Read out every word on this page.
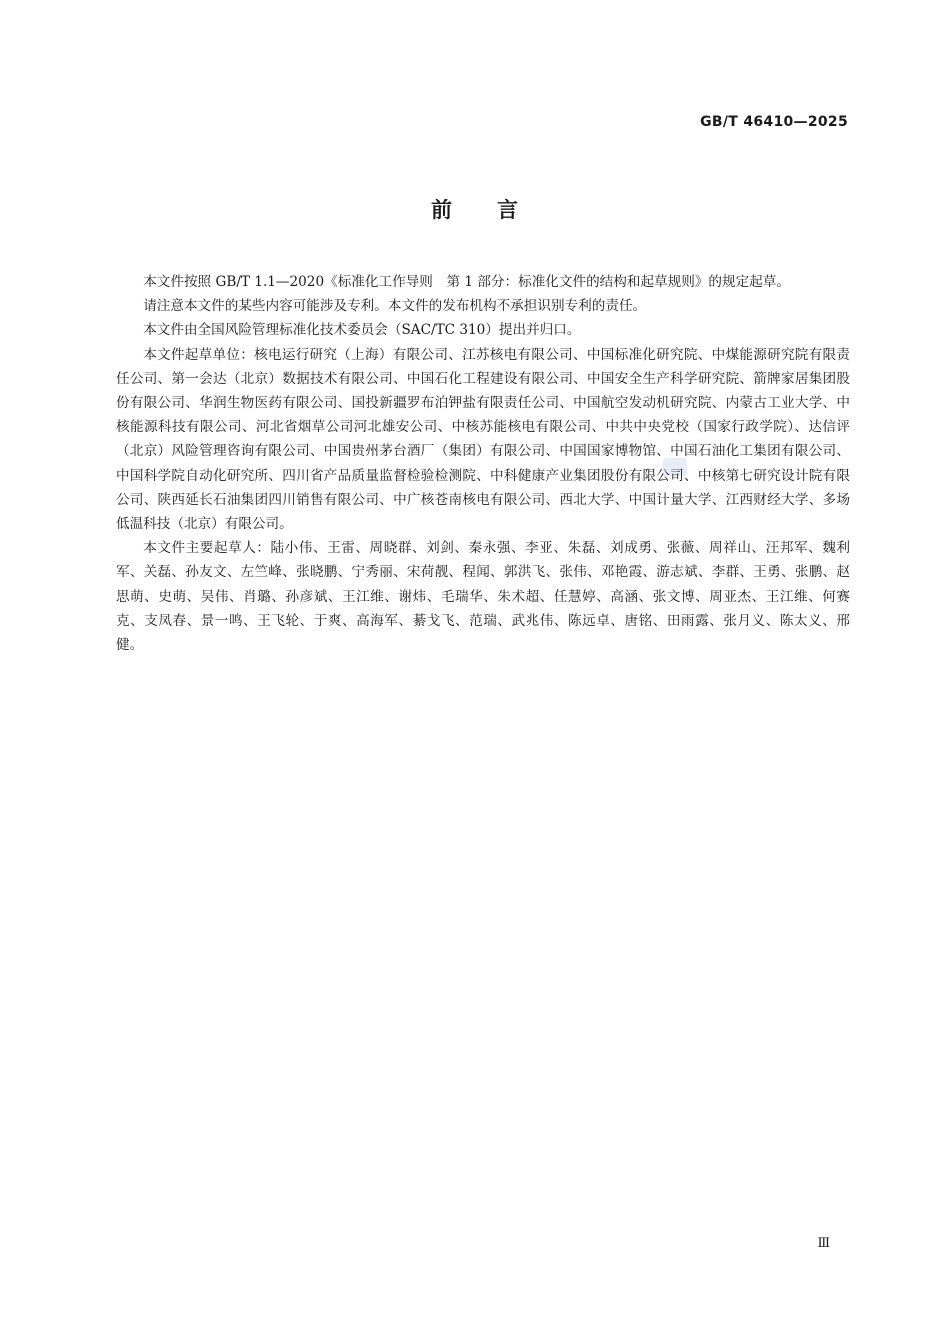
GB/T 46410—2025
前 言

本文件按照 GB/T 1.1—2020《标准化工作导则　第 1 部分：标准化文件的结构和起草规则》的规定起草。

请注意本文件的某些内容可能涉及专利。本文件的发布机构不承担识别专利的责任。

本文件由全国风险管理标准化技术委员会（SAC/TC 310）提出并归口。

本文件起草单位：核电运行研究（上海）有限公司、江苏核电有限公司、中国标准化研究院、中煤能源研究院有限责任公司、第一会达（北京）数据技术有限公司、中国石化工程建设有限公司、中国安全生产科学研究院、箭牌家居集团股份有限公司、华润生物医药有限公司、国投新疆罗布泊钾盐有限责任公司、中国航空发动机研究院、内蒙古工业大学、中核能源科技有限公司、河北省烟草公司河北雄安公司、中核苏能核电有限公司、中共中央党校（国家行政学院）、达信评（北京）风险管理咨询有限公司、中国贵州茅台酒厂（集团）有限公司、中国国家博物馆、中国石油化工集团有限公司、中国科学院自动化研究所、四川省产品质量监督检验检测院、中科健康产业集团股份有限公司、中核第七研究设计院有限公司、陕西延长石油集团四川销售有限公司、中广核苍南核电有限公司、西北大学、中国计量大学、江西财经大学、多场低温科技（北京）有限公司。

本文件主要起草人：陆小伟、王雷、周晓群、刘剑、秦永强、李亚、朱磊、刘成勇、张薇、周祥山、汪邦军、魏利军、关磊、孙友文、左竺峰、张晓鹏、宁秀丽、宋荷靓、程闻、郭洪飞、张伟、邓艳霞、游志斌、李群、王勇、张鹏、赵思萌、史萌、吴伟、肖璐、孙彦斌、王江维、谢炜、毛瑞华、朱术超、任慧婷、高涵、张文博、周亚杰、王江维、何赛克、支凤春、景一鸣、王飞轮、于爽、高海军、綦戈飞、范瑞、武兆伟、陈远卓、唐铭、田雨露、张月义、陈太义、邢健。

Ⅲ
